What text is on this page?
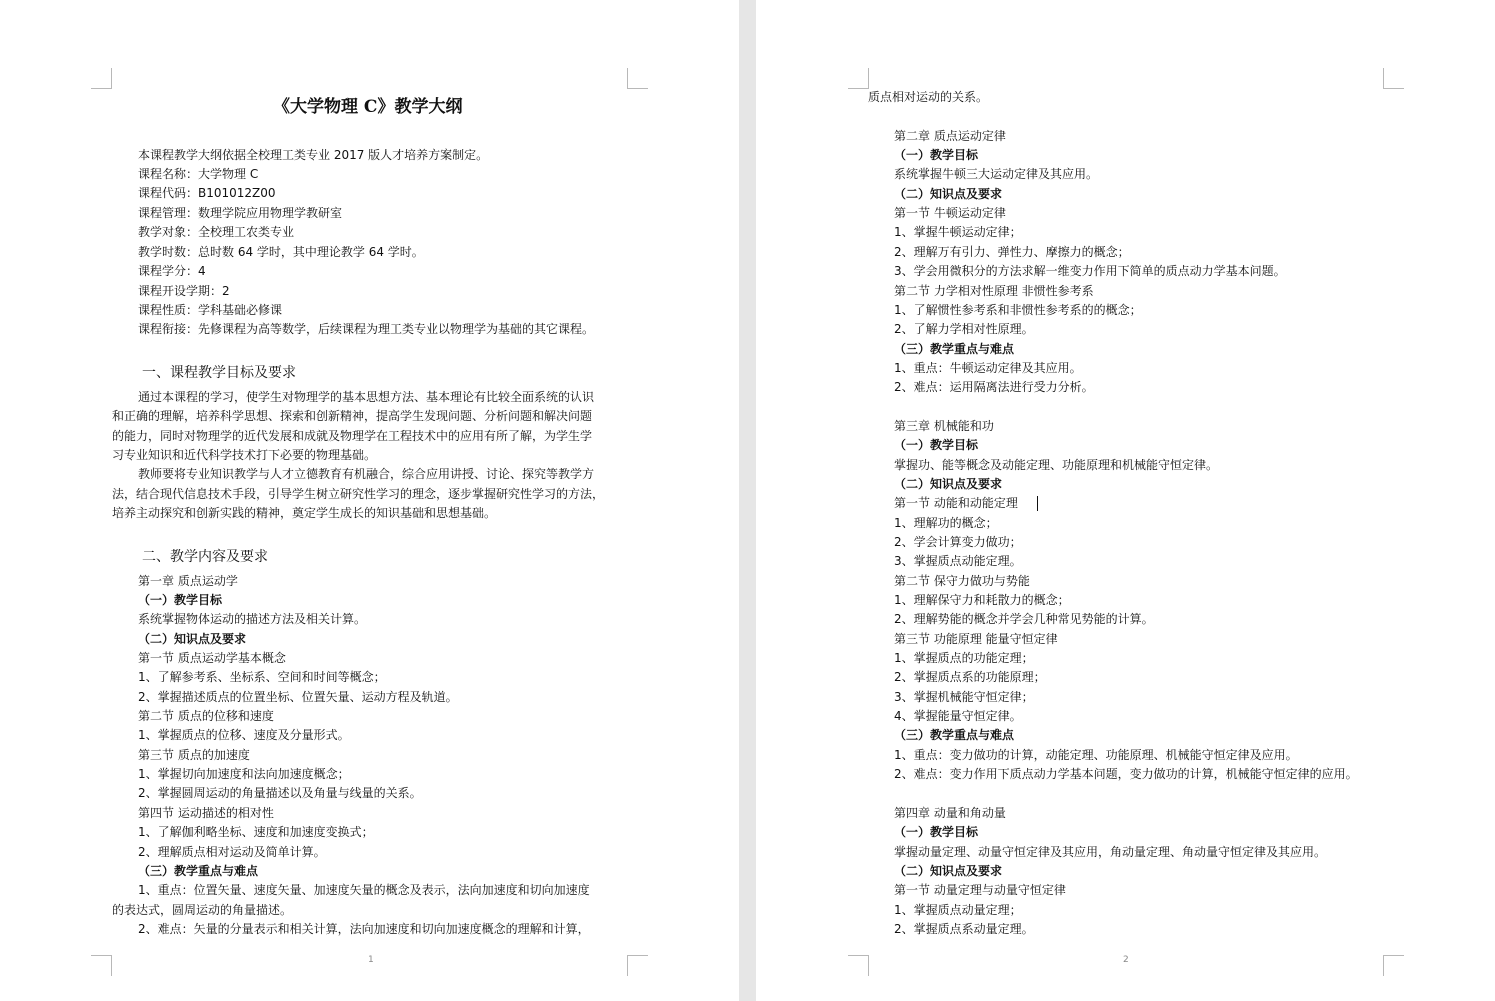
《大学物理 C》教学大纲
本课程教学大纲依据全校理工类专业 2017 版人才培养方案制定。
课程名称：大学物理 C
课程代码：B101012Z00
课程管理：数理学院应用物理学教研室
教学对象：全校理工农类专业
教学时数：总时数 64 学时，其中理论教学 64 学时。
课程学分：4
课程开设学期：2
课程性质：学科基础必修课
课程衔接：先修课程为高等数学，后续课程为理工类专业以物理学为基础的其它课程。
一、课程教学目标及要求
通过本课程的学习，使学生对物理学的基本思想方法、基本理论有比较全面系统的认识
和正确的理解，培养科学思想、探索和创新精神，提高学生发现问题、分析问题和解决问题
的能力，同时对物理学的近代发展和成就及物理学在工程技术中的应用有所了解，为学生学
习专业知识和近代科学技术打下必要的物理基础。
教师要将专业知识教学与人才立德教育有机融合，综合应用讲授、讨论、探究等教学方
法，结合现代信息技术手段，引导学生树立研究性学习的理念，逐步掌握研究性学习的方法，
培养主动探究和创新实践的精神，奠定学生成长的知识基础和思想基础。
二、教学内容及要求
第一章 质点运动学
（一）教学目标
系统掌握物体运动的描述方法及相关计算。
（二）知识点及要求
第一节 质点运动学基本概念
1、了解参考系、坐标系、空间和时间等概念；
2、掌握描述质点的位置坐标、位置矢量、运动方程及轨道。
第二节 质点的位移和速度
1、掌握质点的位移、速度及分量形式。
第三节 质点的加速度
1、掌握切向加速度和法向加速度概念；
2、掌握圆周运动的角量描述以及角量与线量的关系。
第四节 运动描述的相对性
1、了解伽利略坐标、速度和加速度变换式；
2、理解质点相对运动及简单计算。
（三）教学重点与难点
1、重点：位置矢量、速度矢量、加速度矢量的概念及表示，法向加速度和切向加速度
的表达式，圆周运动的角量描述。
2、难点：矢量的分量表示和相关计算，法向加速度和切向加速度概念的理解和计算，
1
质点相对运动的关系。
第二章 质点运动定律
（一）教学目标
系统掌握牛顿三大运动定律及其应用。
（二）知识点及要求
第一节 牛顿运动定律
1、掌握牛顿运动定律；
2、理解万有引力、弹性力、摩擦力的概念；
3、学会用微积分的方法求解一维变力作用下简单的质点动力学基本问题。
第二节 力学相对性原理 非惯性参考系
1、了解惯性参考系和非惯性参考系的的概念；
2、了解力学相对性原理。
（三）教学重点与难点
1、重点：牛顿运动定律及其应用。
2、难点：运用隔离法进行受力分析。
第三章 机械能和功
（一）教学目标
掌握功、能等概念及动能定理、功能原理和机械能守恒定律。
（二）知识点及要求
第一节 动能和动能定理
1、理解功的概念；
2、学会计算变力做功；
3、掌握质点动能定理。
第二节 保守力做功与势能
1、理解保守力和耗散力的概念；
2、理解势能的概念并学会几种常见势能的计算。
第三节 功能原理 能量守恒定律
1、掌握质点的功能定理；
2、掌握质点系的功能原理；
3、掌握机械能守恒定律；
4、掌握能量守恒定律。
（三）教学重点与难点
1、重点：变力做功的计算，动能定理、功能原理、机械能守恒定律及应用。
2、难点：变力作用下质点动力学基本问题，变力做功的计算，机械能守恒定律的应用。
第四章 动量和角动量
（一）教学目标
掌握动量定理、动量守恒定律及其应用，角动量定理、角动量守恒定律及其应用。
（二）知识点及要求
第一节 动量定理与动量守恒定律
1、掌握质点动量定理；
2、掌握质点系动量定理。
2
